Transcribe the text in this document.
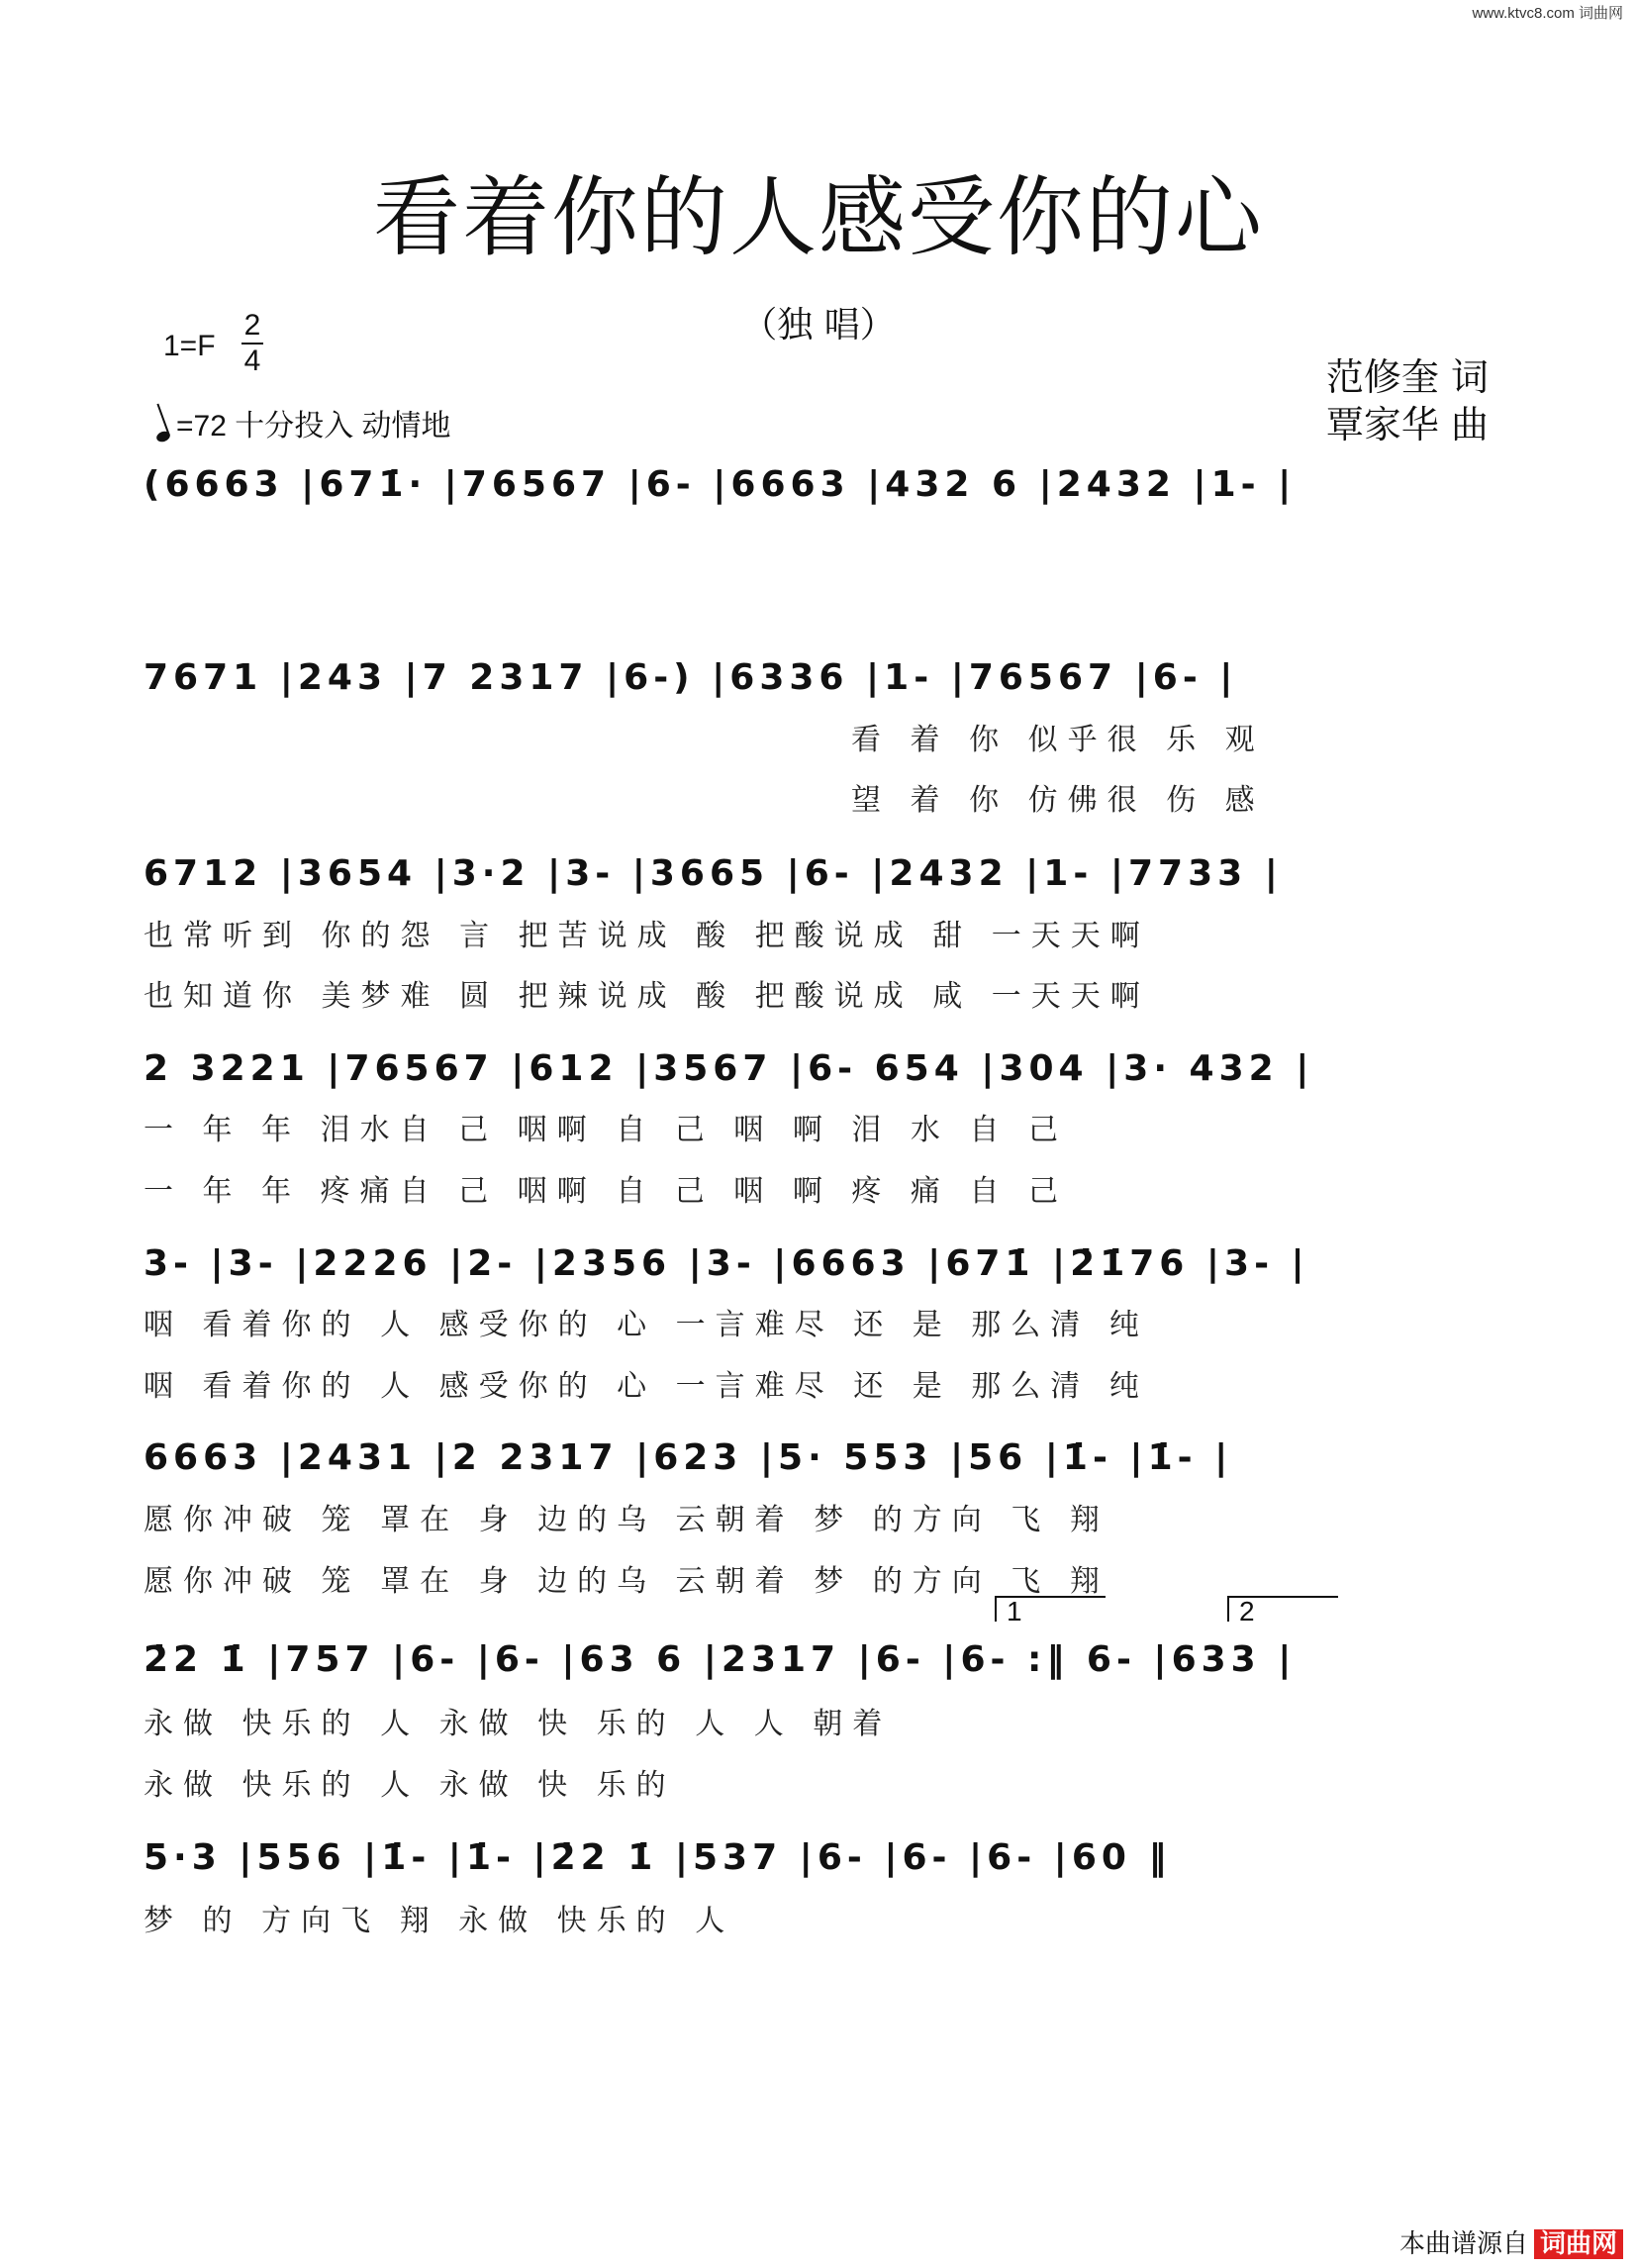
www.ktvc8.com 词曲网
看着你的人感受你的心
（独 唱）
1=F
2
4
=72 十分投入 动情地
范修奎 词
覃家华 曲
(6663 |671̇· |76567 |6- |6663 |432 6 |2432 |1- |
7671 |243 |7 2317 |6-) |6336 |1- |76567 |6- |
看 着 你 似乎很 乐 观
望 着 你 仿佛很 伤 感
6712 |3654 |3·2 |3- |3665 |6- |2432 |1- |7733 |
也常听到 你的怨 言 把苦说成 酸 把酸说成 甜 一天天啊
也知道你 美梦难 圆 把辣说成 酸 把酸说成 咸 一天天啊
2 3221 |76567 |612 |3567 |6- 654 |304 |3· 432 |
一 年 年 泪水自 己 咽啊 自 己 咽 啊 泪 水 自 己
一 年 年 疼痛自 己 咽啊 自 己 咽 啊 疼 痛 自 己
3- |3- |2226 |2- |2356 |3- |6663 |671̇ |2̇1̇76 |3- |
咽 看着你的 人 感受你的 心 一言难尽 还 是 那么清 纯
咽 看着你的 人 感受你的 心 一言难尽 还 是 那么清 纯
6663 |2431 |2 2317 |623 |5· 553 |56 |1̇- |1̇- |
愿你冲破 笼 罩在 身 边的乌 云朝着 梦 的方向 飞 翔
愿你冲破 笼 罩在 身 边的乌 云朝着 梦 的方向 飞 翔
1	2
2̇2 1̇ |757 |6- |6- |63 6 |2317 |6- |6- :‖ 6- |633 |
永做 快乐的 人 永做 快 乐的 人 人 朝着
永做 快乐的 人 永做 快 乐的
5·3 |556 |1̇- |1̇- |2̇2 1̇ |537 |6- |6- |6- |60 ‖
梦 的 方向飞 翔 永做 快乐的 人
本曲谱源自 词曲网
